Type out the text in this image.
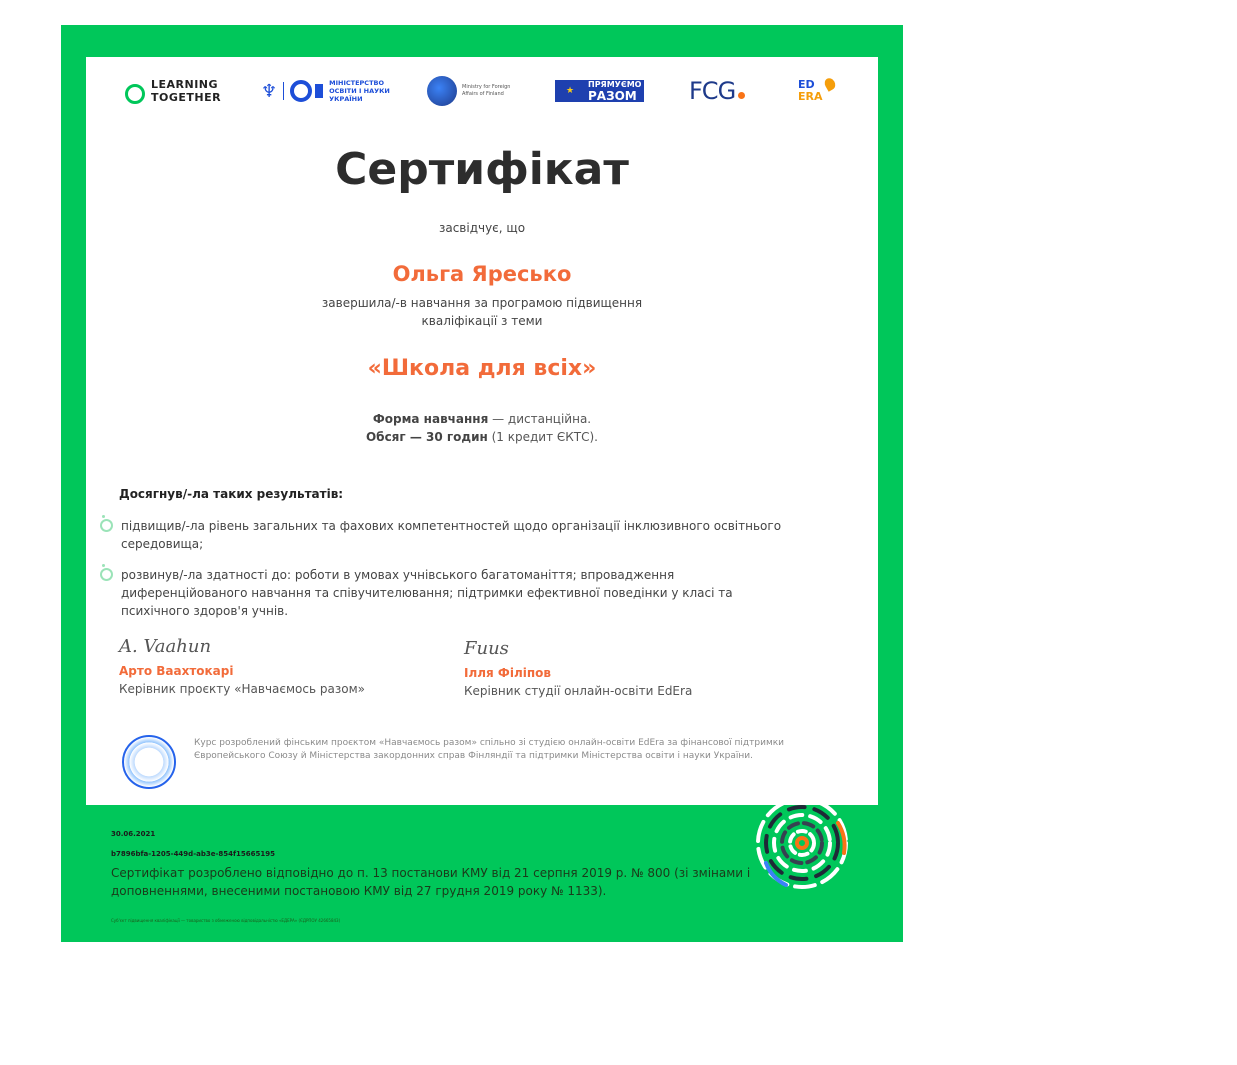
LEARNING TOGETHER ♆	МІНІСТЕРСТВО ОСВІТИ І НАУКИ УКРАЇНИ
Ministry for Foreign Affairs of Finland	★
ПРЯМУЄМО
РАЗОМ FCG	ED
ERA
Сертифікат
засвідчує, що
Ольга Яресько
завершила/-в навчання за програмою підвищення
кваліфікації з теми
«Школа для всіх»
Форма навчання — дистанційна.
Обсяг — 30 годин (1 кредит ЄКТС).
Досягнув/-ла таких результатів:
підвищив/-ла рівень загальних та фахових компетентностей щодо організації інклюзивного освітнього середовища;
розвинув/-ла здатності до: роботи в умовах учнівського багатоманіття; впровадження диференційованого навчання та співучителювання; підтримки ефективної поведінки у класі та психічного здоров'я учнів.
A. Vaahun
Арто Ваахтокарі
Керівник проєкту «Навчаємось разом»
Fuus
Ілля Філіпов
Керівник студії онлайн-освіти EdEra
Курс розроблений фінським проєктом «Навчаємось разом» спільно зі студією онлайн-освіти EdEra за фінансової підтримки Європейського Союзу й Міністерства закордонних справ Фінляндії та підтримки Міністерства освіти і науки України.
30.06.2021
b7896bfa-1205-449d-ab3e-854f15665195
Сертифікат розроблено відповідно до п. 13 постанови КМУ від 21 серпня 2019 р. № 800 (зі змінами і доповненнями, внесеними постановою КМУ від 27 грудня 2019 року № 1133).
Суб'єкт підвищення кваліфікації — товариство з обмеженою відповідальністю «ЕДЕРА» (ЄДРПОУ 42665843)
